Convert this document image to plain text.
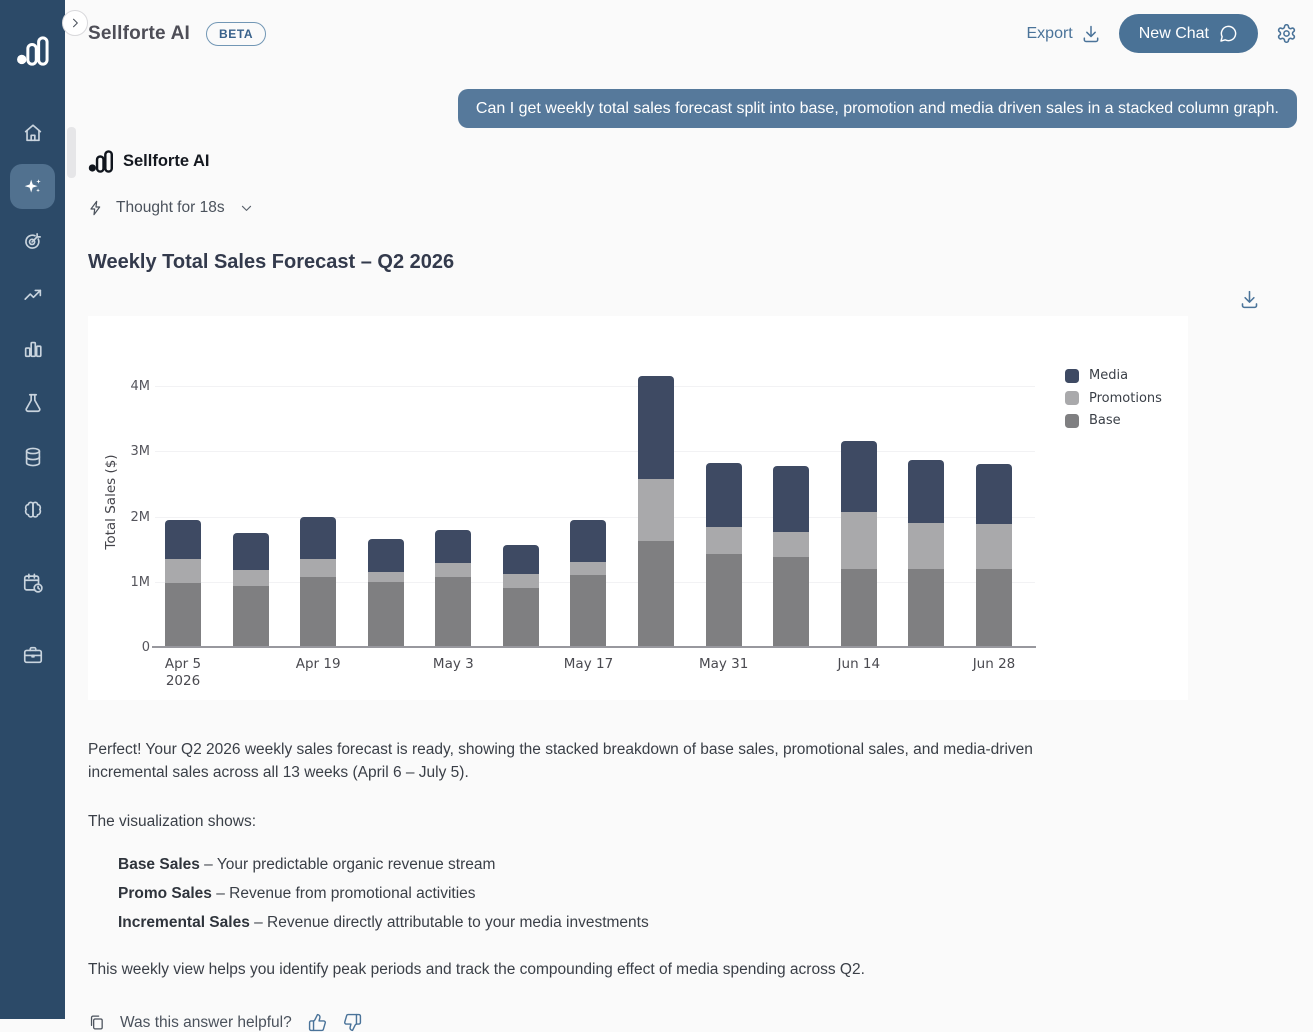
Sellforte AI	BETA	Export	New Chat
Can I get weekly total sales forecast split into base, promotion and media driven sales in a stacked column graph.
Sellforte AI
Thought for 18s
Weekly Total Sales Forecast – Q2 2026
0
1M
2M
3M
4M
Total Sales ($)
Apr 5
2026
Apr 19	May 3	May 17	May 31	Jun 14	Jun 28
Media
Promotions
Base

Perfect! Your Q2 2026 weekly sales forecast is ready, showing the stacked breakdown of base sales, promotional sales, and media-driven incremental sales across all 13 weeks (April 6 – July 5).

The visualization shows:

Base Sales – Your predictable organic revenue stream
Promo Sales – Revenue from promotional activities
Incremental Sales – Revenue directly attributable to your media investments

This weekly view helps you identify peak periods and track the compounding effect of media spending across Q2.

Was this answer helpful?
